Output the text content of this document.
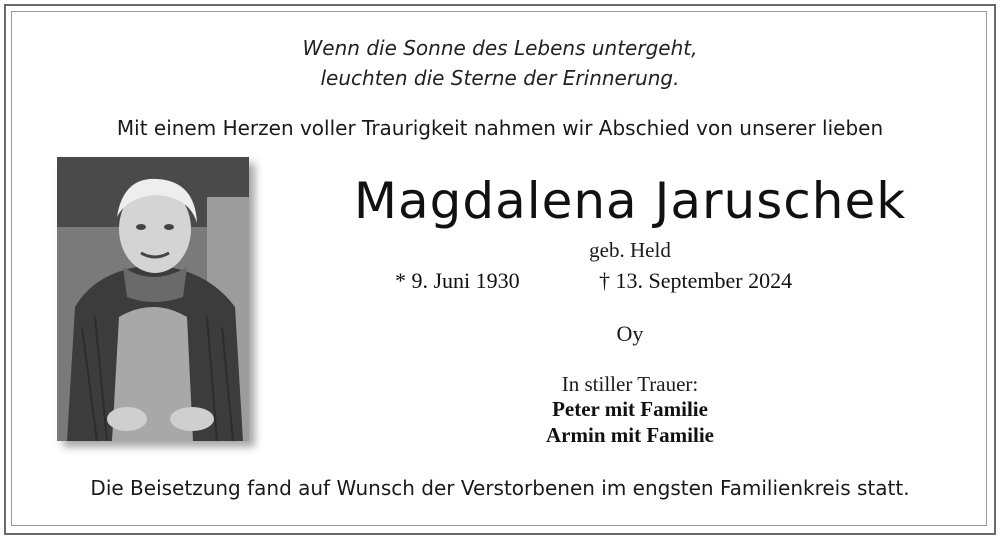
Wenn die Sonne des Lebens untergeht,
leuchten die Sterne der Erinnerung.
Mit einem Herzen voller Traurigkeit nahmen wir Abschied von unserer lieben
Magdalena Jaruschek
geb. Held
* 9. Juni 1930	† 13. September 2024
Oy
In stiller Trauer:
Peter mit Familie
Armin mit Familie
Die Beisetzung fand auf Wunsch der Verstorbenen im engsten Familienkreis statt.
